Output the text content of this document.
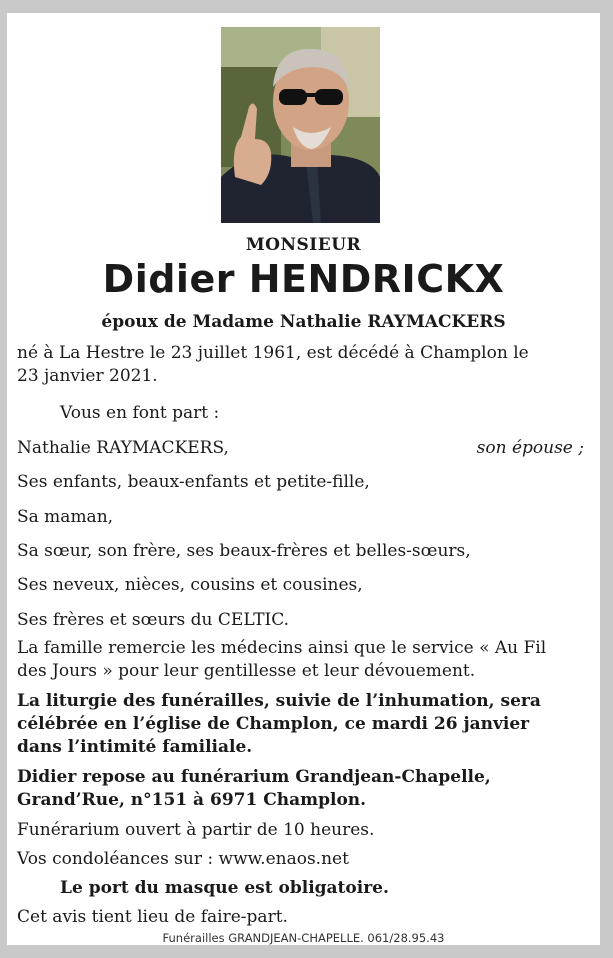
MONSIEUR
Didier HENDRICKX
époux de Madame Nathalie RAYMACKERS
né à La Hestre le 23 juillet 1961, est décédé à Champlon le
23 janvier 2021.
Vous en font part :
Nathalie RAYMACKERS,	son épouse ;
Ses enfants, beaux-enfants et petite-fille,
Sa maman,
Sa sœur, son frère, ses beaux-frères et belles-sœurs,
Ses neveux, nièces, cousins et cousines,
Ses frères et sœurs du CELTIC.
La famille remercie les médecins ainsi que le service « Au Fil
des Jours » pour leur gentillesse et leur dévouement.
La liturgie des funérailles, suivie de l’inhumation, sera
célébrée en l’église de Champlon, ce mardi 26 janvier
dans l’intimité familiale.
Didier repose au funérarium Grandjean-Chapelle,
Grand’Rue, n°151 à 6971 Champlon.
Funérarium ouvert à partir de 10 heures.
Vos condoléances sur : www.enaos.net
Le port du masque est obligatoire.
Cet avis tient lieu de faire-part.
Funérailles GRANDJEAN-CHAPELLE. 061/28.95.43
